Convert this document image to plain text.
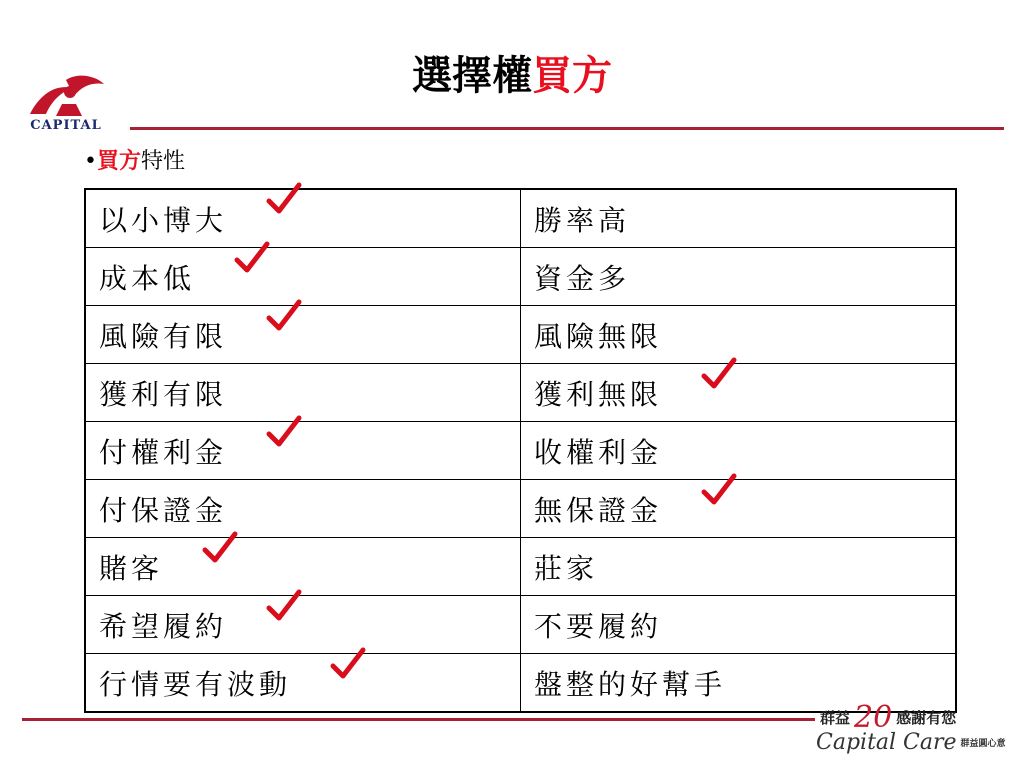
CAPITAL
選擇權買方
•買方特性
以小博大	勝率高
成本低	資金多
風險有限	風險無限
獲利有限	獲利無限
付權利金	收權利金
付保證金	無保證金
賭客	莊家
希望履約	不要履約
行情要有波動	盤整的好幫手
群益 20 感謝有您
Capital Care 群益圓心意
